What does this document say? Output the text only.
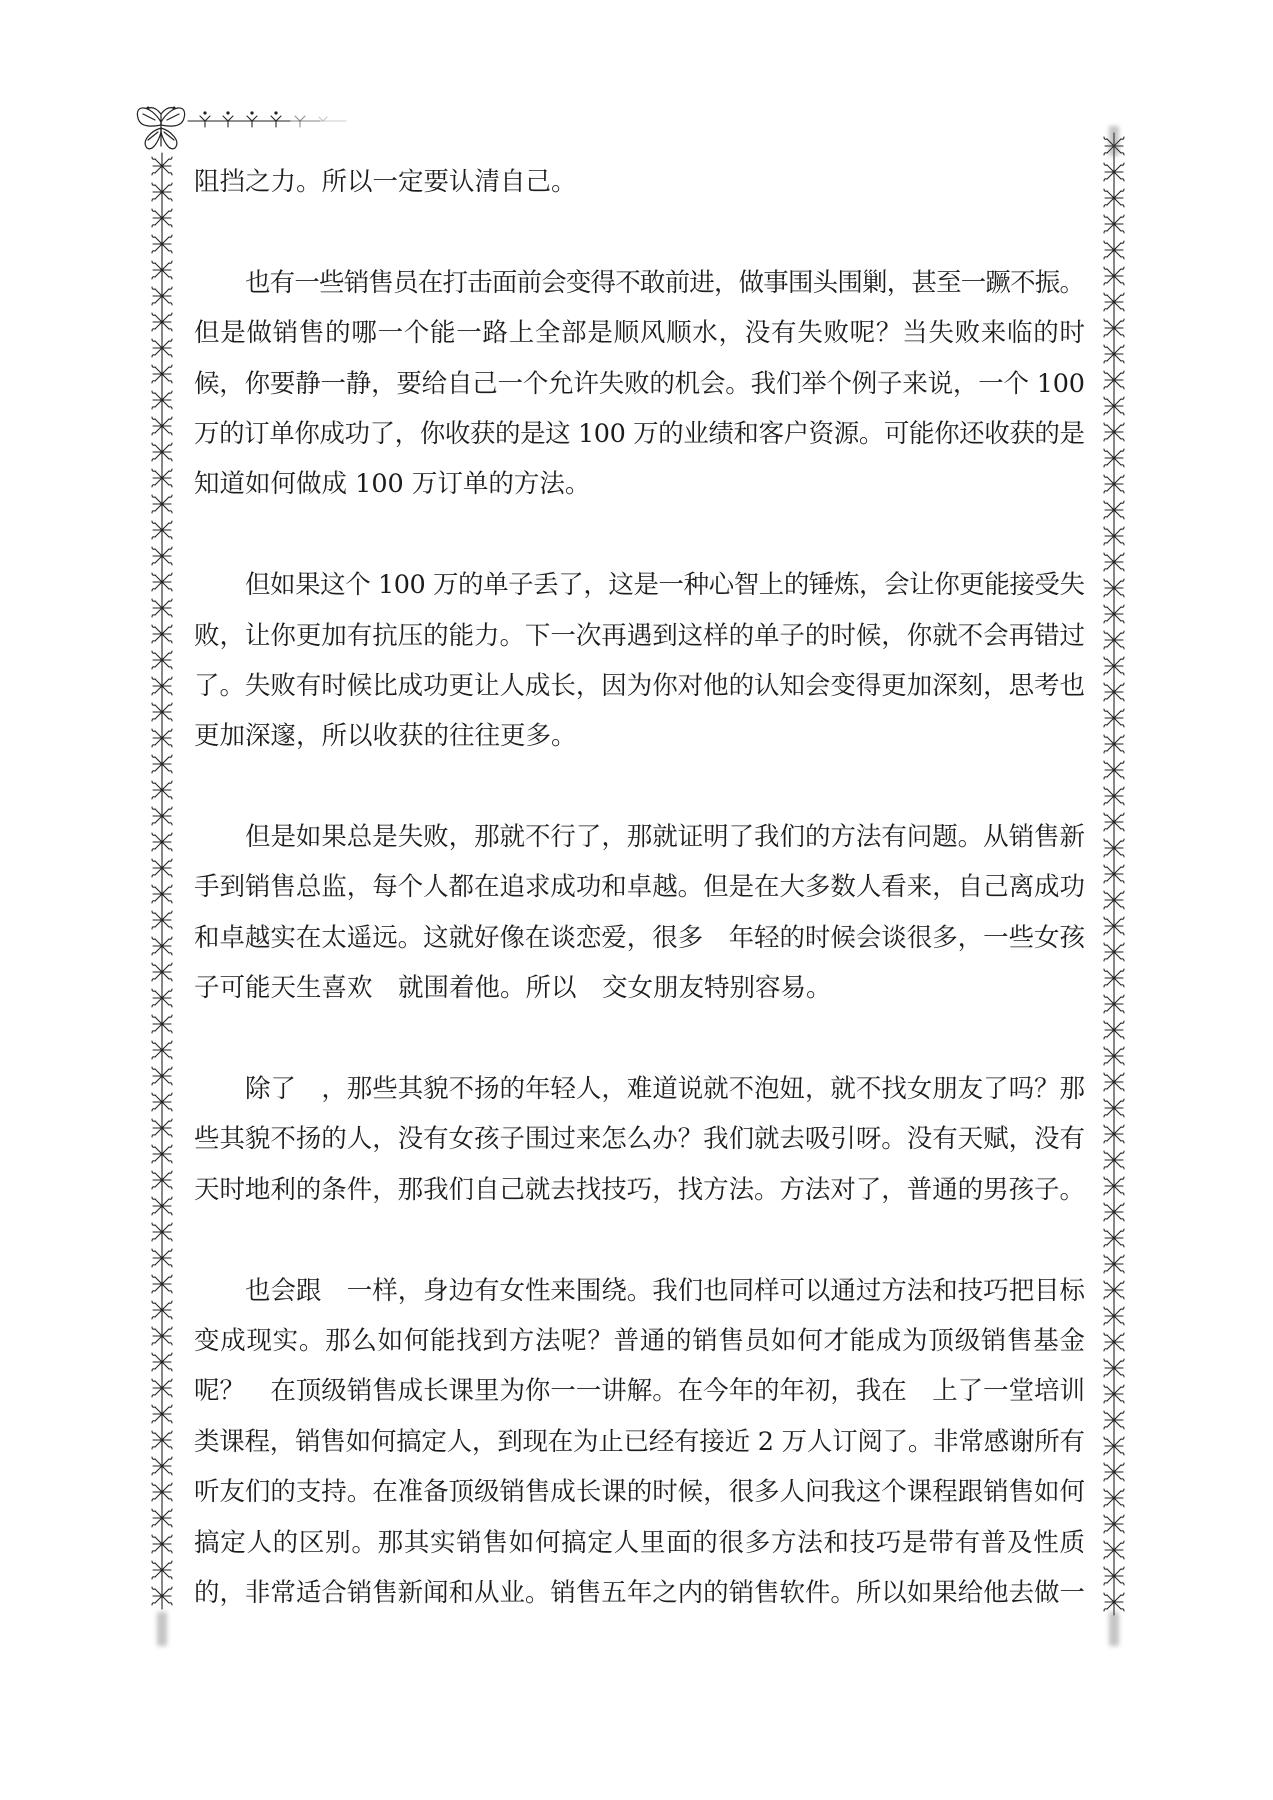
阻挡之力。所以一定要认清自己。
也有一些销售员在打击面前会变得不敢前进，做事围头围剿，甚至一蹶不振。
但是做销售的哪一个能一路上全部是顺风顺水，没有失败呢？当失败来临的时
候，你要静一静，要给自己一个允许失败的机会。我们举个例子来说，一个 100
万的订单你成功了，你收获的是这 100 万的业绩和客户资源。可能你还收获的是
知道如何做成 100 万订单的方法。
但如果这个 100 万的单子丢了，这是一种心智上的锤炼，会让你更能接受失
败，让你更加有抗压的能力。下一次再遇到这样的单子的时候，你就不会再错过
了。失败有时候比成功更让人成长，因为你对他的认知会变得更加深刻，思考也
更加深邃，所以收获的往往更多。
但是如果总是失败，那就不行了，那就证明了我们的方法有问题。从销售新
手到销售总监，每个人都在追求成功和卓越。但是在大多数人看来，自己离成功
和卓越实在太遥远。这就好像在谈恋爱，很多　年轻的时候会谈很多，一些女孩
子可能天生喜欢　就围着他。所以　交女朋友特别容易。
除了　，那些其貌不扬的年轻人，难道说就不泡妞，就不找女朋友了吗？那
些其貌不扬的人，没有女孩子围过来怎么办？我们就去吸引呀。没有天赋，没有
天时地利的条件，那我们自己就去找技巧，找方法。方法对了，普通的男孩子。
也会跟　一样，身边有女性来围绕。我们也同样可以通过方法和技巧把目标
变成现实。那么如何能找到方法呢？普通的销售员如何才能成为顶级销售基金
呢？　在顶级销售成长课里为你一一讲解。在今年的年初，我在　上了一堂培训
类课程，销售如何搞定人，到现在为止已经有接近 2 万人订阅了。非常感谢所有
听友们的支持。在准备顶级销售成长课的时候，很多人问我这个课程跟销售如何
搞定人的区别。那其实销售如何搞定人里面的很多方法和技巧是带有普及性质
的，非常适合销售新闻和从业。销售五年之内的销售软件。所以如果给他去做一
